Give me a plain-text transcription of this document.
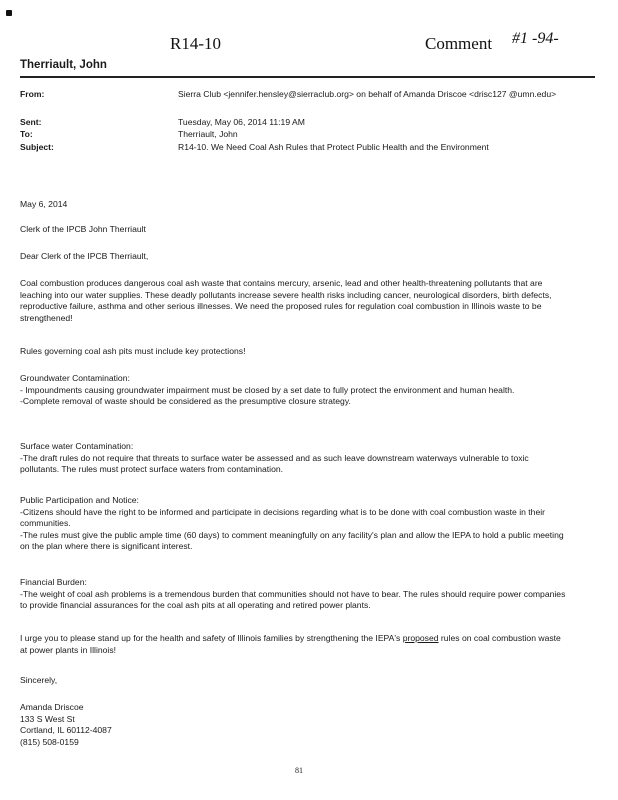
R14-10	Comment #1 -94-
Therriault, John
From:	Sierra Club <jennifer.hensley@sierraclub.org> on behalf of Amanda Driscoe <drisc127 @umn.edu>
Sent:	Tuesday, May 06, 2014 11:19 AM
To:	Therriault, John
Subject:	R14-10. We Need Coal Ash Rules that Protect Public Health and the Environment
May 6, 2014
Clerk of the IPCB John Therriault
Dear Clerk of the IPCB Therriault,

Coal combustion produces dangerous coal ash waste that contains mercury, arsenic, lead and other health-threatening pollutants that are leaching into our water supplies. These deadly pollutants increase severe health risks including cancer, neurological disorders, birth defects, reproductive failure, asthma and other serious illnesses. We need the proposed rules for regulation coal combustion in Illinois waste to be strengthened!

Rules governing coal ash pits must include key protections!

Groundwater Contamination:

- Impoundments causing groundwater impairment must be closed by a set date to fully protect the environment and human health.
-Complete removal of waste should be considered as the presumptive closure strategy.

Surface water Contamination:

-The draft rules do not require that threats to surface water be assessed and as such leave downstream waterways vulnerable to toxic pollutants. The rules must protect surface waters from contamination.

Public Participation and Notice:

-Citizens should have the right to be informed and participate in decisions regarding what is to be done with coal combustion waste in their communities.
-The rules must give the public ample time (60 days) to comment meaningfully on any facility's plan and allow the IEPA to hold a public meeting on the plan where there is significant interest.

Financial Burden:

-The weight of coal ash problems is a tremendous burden that communities should not have to bear. The rules should require power companies to provide financial assurances for the coal ash pits at all operating and retired power plants.

I urge you to please stand up for the health and safety of Illinois families by strengthening the IEPA's proposed rules on coal combustion waste at power plants in Illinois!

Sincerely,
Amanda Driscoe
133 S West St
Cortland, IL 60112-4087
(815) 508-0159
81
